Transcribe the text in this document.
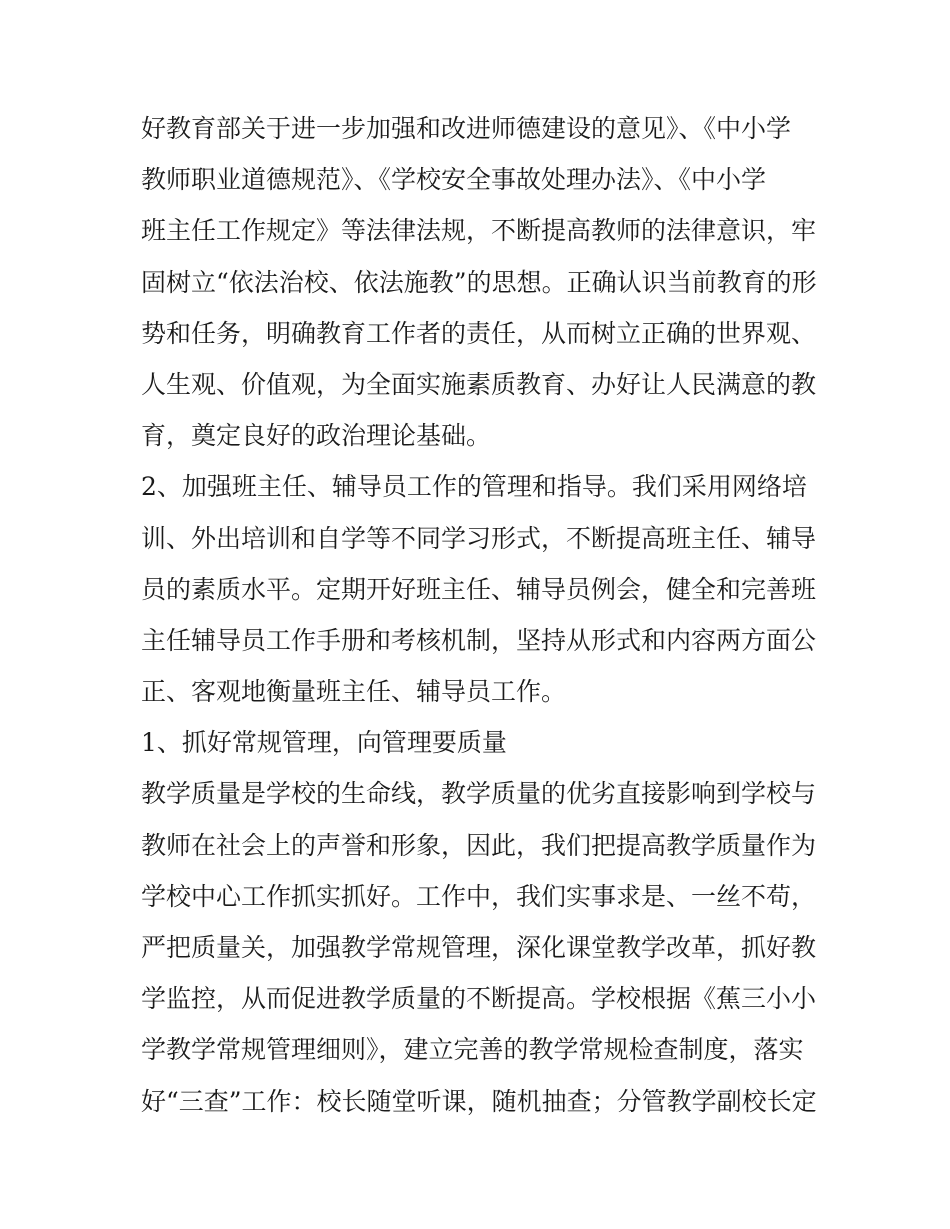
好教育部关于进一步加强和改进师德建设的意见》、《中小学
教师职业道德规范》、《学校安全事故处理办法》、《中小学
班主任工作规定》等法律法规，不断提高教师的法律意识，牢
固树立“依法治校、依法施教”的思想。正确认识当前教育的形
势和任务，明确教育工作者的责任，从而树立正确的世界观、
人生观、价值观，为全面实施素质教育、办好让人民满意的教
育，奠定良好的政治理论基础。
2、加强班主任、辅导员工作的管理和指导。我们采用网络培
训、外出培训和自学等不同学习形式，不断提高班主任、辅导
员的素质水平。定期开好班主任、辅导员例会，健全和完善班
主任辅导员工作手册和考核机制，坚持从形式和内容两方面公
正、客观地衡量班主任、辅导员工作。
1、抓好常规管理，向管理要质量
教学质量是学校的生命线，教学质量的优劣直接影响到学校与
教师在社会上的声誉和形象，因此，我们把提高教学质量作为
学校中心工作抓实抓好。工作中，我们实事求是、一丝不苟，
严把质量关，加强教学常规管理，深化课堂教学改革，抓好教
学监控，从而促进教学质量的不断提高。学校根据《蕉三小小
学教学常规管理细则》，建立完善的教学常规检查制度，落实
好“三查”工作：校长随堂听课，随机抽查；分管教学副校长定
